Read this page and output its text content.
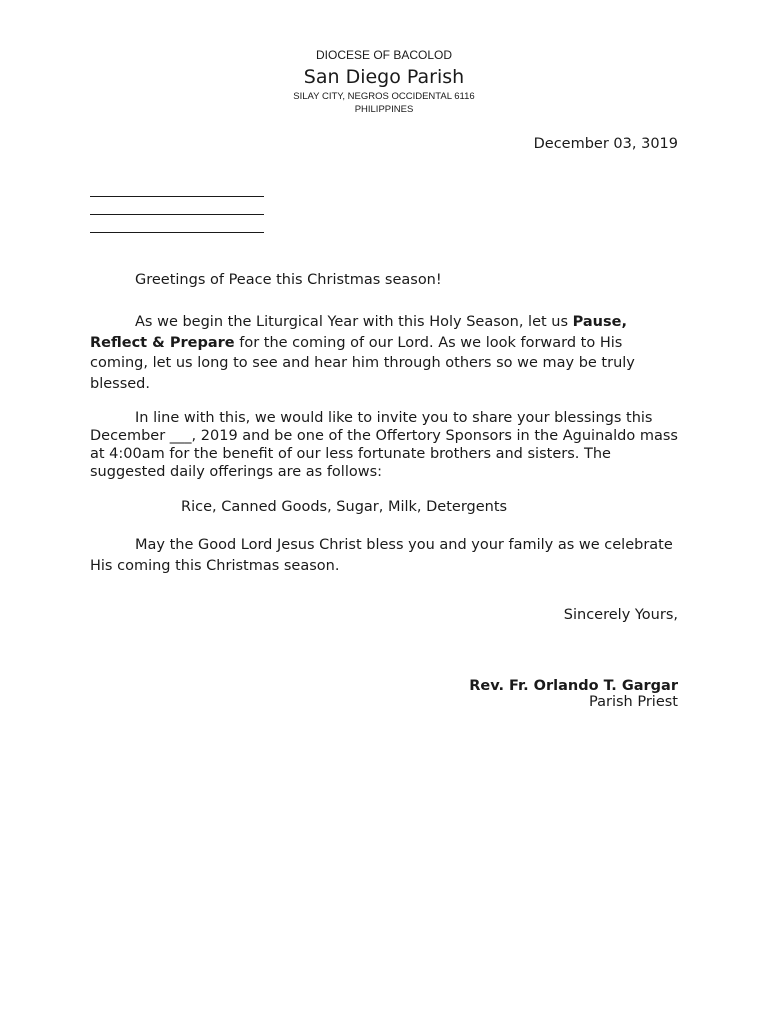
DIOCESE OF BACOLOD
San Diego Parish
SILAY CITY, NEGROS OCCIDENTAL 6116
PHILIPPINES
December 03, 3019
Greetings of Peace this Christmas season!
As we begin the Liturgical Year with this Holy Season, let us Pause, Reflect & Prepare for the coming of our Lord. As we look forward to His coming, let us long to see and hear him through others so we may be truly blessed.
In line with this, we would like to invite you to share your blessings this December ___, 2019 and be one of the Offertory Sponsors in the Aguinaldo mass at 4:00am for the benefit of our less fortunate brothers and sisters. The suggested daily offerings are as follows:
Rice, Canned Goods, Sugar, Milk, Detergents
May the Good Lord Jesus Christ bless you and your family as we celebrate His coming this Christmas season.
Sincerely Yours,
Rev. Fr. Orlando T. Gargar
Parish Priest
